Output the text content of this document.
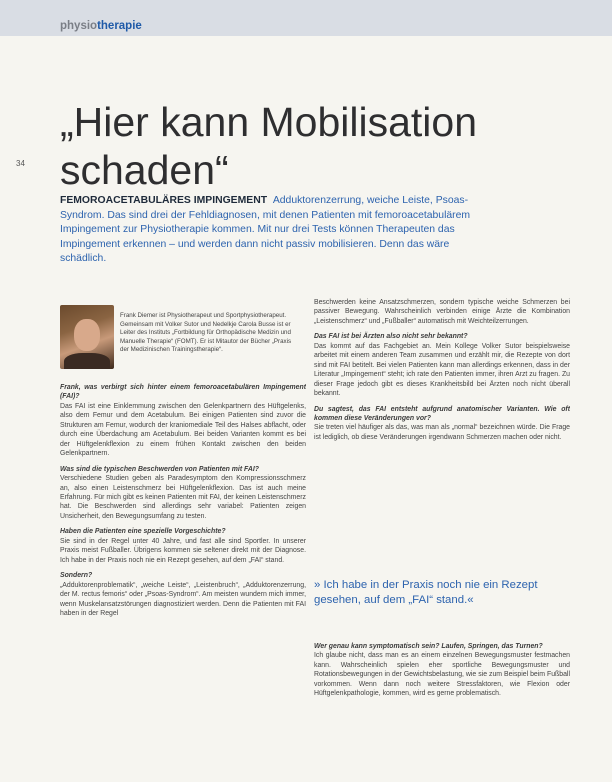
physiotherapie
34
„Hier kann Mobilisation
schaden“
FEMOROACETABULÄRES IMPINGEMENT Adduktorenzerrung, weiche Leiste, Psoas-Syndrom. Das sind drei der Fehldiagnosen, mit denen Patienten mit femoroacetabulärem Impingement zur Physiotherapie kommen. Mit nur drei Tests können Therapeuten das Impingement erkennen – und werden dann nicht passiv mobilisieren. Denn das wäre schädlich.
Frank Diemer ist Physiotherapeut und Sportphysiotherapeut. Gemeinsam mit Volker Sutor und Nedelkje Carola Busse ist er Leiter des Instituts „Fortbildung für Orthopädische Medizin und Manuelle Therapie“ (FOMT). Er ist Mitautor der Bücher „Praxis der Medizinischen Trainingstherapie“.

Frank, was verbirgt sich hinter einem femoroacetabulären Impingement (FAI)?

Das FAI ist eine Einklemmung zwischen den Gelenkpartnern des Hüftgelenks, also dem Femur und dem Acetabulum. Bei einigen Patienten sind zuvor die Strukturen am Femur, wodurch der kraniomediale Teil des Halses abflacht, oder durch eine Überdachung am Acetabulum. Bei beiden Varianten kommt es bei der Hüftgelenkflexion zu einem frühen Kontakt zwischen den beiden Gelenkpartnern.

Was sind die typischen Beschwerden von Patienten mit FAI?

Verschiedene Studien geben als Paradesymptom den Kompressionsschmerz an, also einen Leistenschmerz bei Hüftgelenkflexion. Das ist auch meine Erfahrung. Für mich gibt es keinen Patienten mit FAI, der keinen Leistenschmerz hat. Die Beschwerden sind allerdings sehr variabel: Patienten zeigen Unsicherheit, den Bewegungsumfang zu testen.

Haben die Patienten eine spezielle Vorgeschichte?

Sie sind in der Regel unter 40 Jahre, und fast alle sind Sportler. In unserer Praxis meist Fußballer. Übrigens kommen sie seltener direkt mit der Diagnose. Ich habe in der Praxis noch nie ein Rezept gesehen, auf dem „FAI“ stand.

Sondern?

„Adduktorenproblematik“, „weiche Leiste“, „Leistenbruch“, „Adduktorenzerrung, der M. rectus femoris“ oder „Psoas-Syndrom“. Am meisten wundern mich immer, wenn Muskelansatzstörungen diagnostiziert werden. Denn die Patienten mit FAI haben in der Regel

Beschwerden keine Ansatzschmerzen, sondern typische weiche Schmerzen bei passiver Bewegung. Wahrscheinlich verbinden einige Ärzte die Kombination „Leistenschmerz“ und „Fußballer“ automatisch mit Weichteilzerrungen.

Das FAI ist bei Ärzten also nicht sehr bekannt?

Das kommt auf das Fachgebiet an. Mein Kollege Volker Sutor beispielsweise arbeitet mit einem anderen Team zusammen und erzählt mir, die Rezepte von dort sind mit FAI betitelt. Bei vielen Patienten kann man allerdings erkennen, dass in der Literatur „Impingement“ steht; ich rate den Patienten immer, ihren Arzt zu fragen. Zu dieser Frage jedoch gibt es dieses Krankheitsbild bei Ärzten noch nicht überall bekannt.

Du sagtest, das FAI entsteht aufgrund anatomischer Varianten. Wie oft kommen diese Veränderungen vor?

Sie treten viel häufiger als das, was man als „normal“ bezeichnen würde. Die Frage ist lediglich, ob diese Veränderungen irgendwann Schmerzen machen oder nicht.

» Ich habe in der Praxis noch nie ein Rezept gesehen, auf dem „FAI“ stand.«

Wer genau kann symptomatisch sein? Laufen, Springen, das Turnen?

Ich glaube nicht, dass man es an einem einzelnen Bewegungsmuster festmachen kann. Wahrscheinlich spielen eher sportliche Bewegungsmuster und Rotationsbewegungen in der Gewichtsbelastung, wie sie zum Beispiel beim Fußball vorkommen. Wenn dann noch weitere Stressfaktoren, wie Flexion oder Hüftgelenkpathologie, kommen, wird es gerne problematisch.
